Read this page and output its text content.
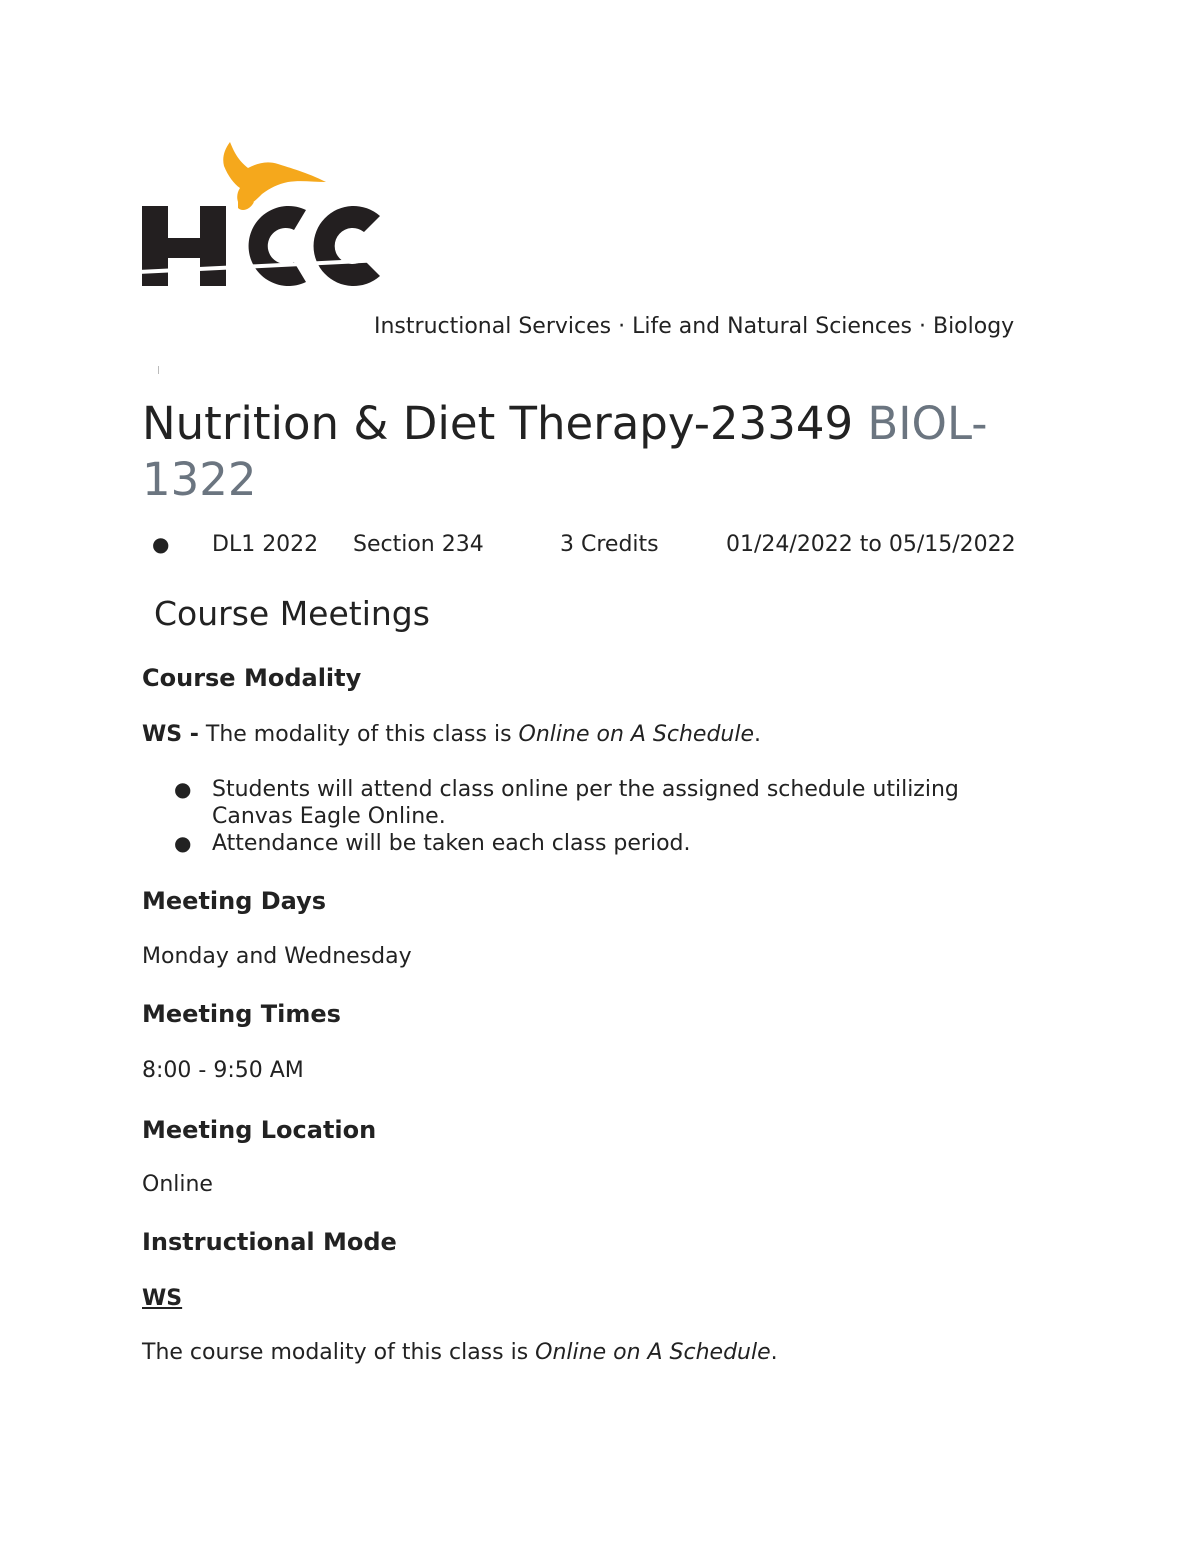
Instructional Services · Life and Natural Sciences · Biology
Nutrition & Diet Therapy-23349 BIOL-1322
● DL1 2022 Section 234	3 Credits	01/24/2022 to 05/15/2022
Course Meetings
Course Modality

WS - The modality of this class is Online on A Schedule.

● Students will attend class online per the assigned schedule utilizing Canvas Eagle Online.
● Attendance will be taken each class period.
Meeting Days

Monday and Wednesday

Meeting Times

8:00 - 9:50 AM

Meeting Location

Online

Instructional Mode

WS

The course modality of this class is Online on A Schedule.
